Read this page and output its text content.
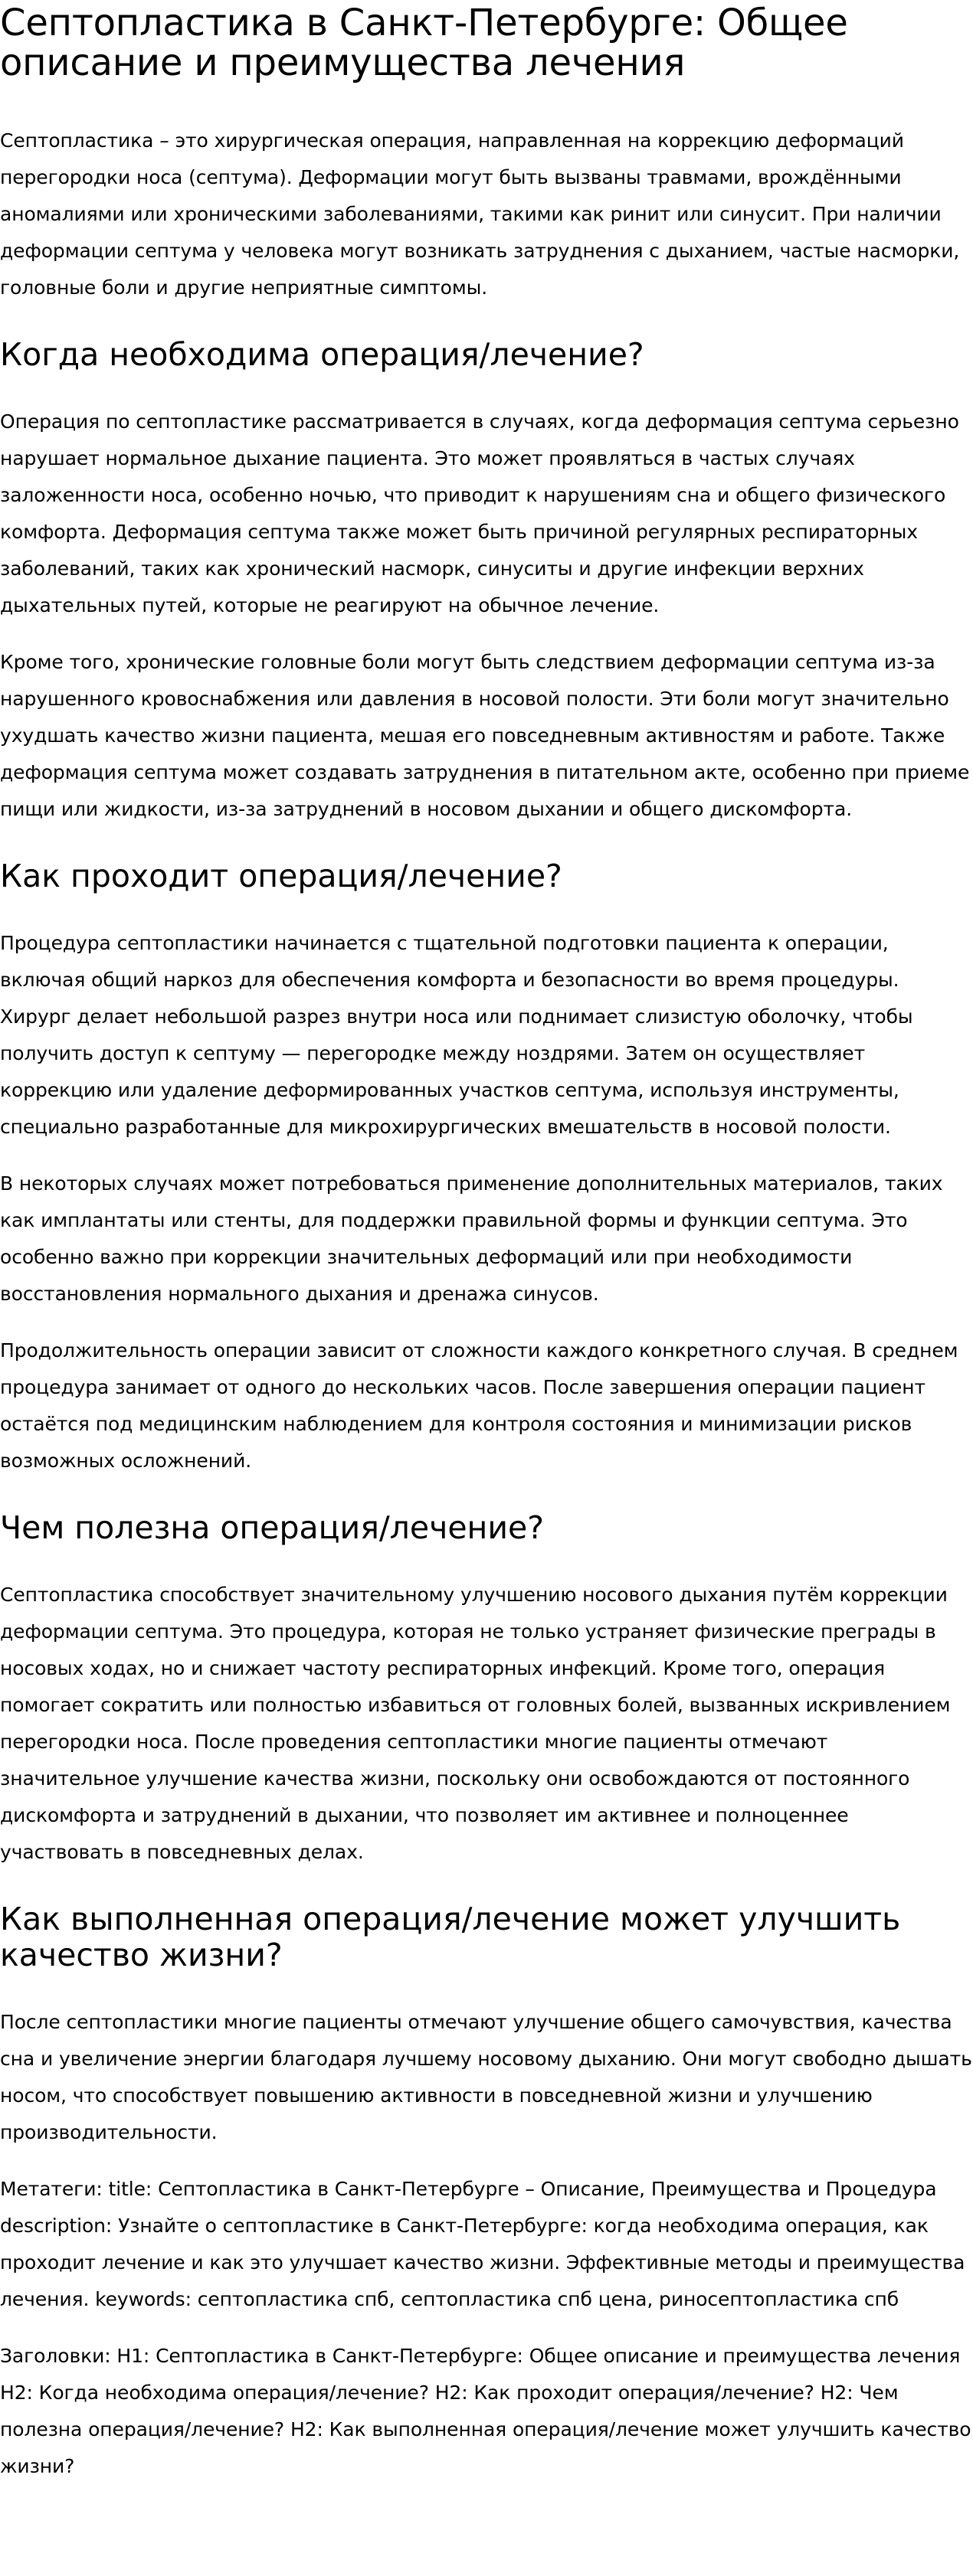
Септопластика в Санкт-Петербурге: Общее описание и преимущества лечения

Септопластика – это хирургическая операция, направленная на коррекцию деформаций перегородки носа (септума). Деформации могут быть вызваны травмами, врождёнными аномалиями или хроническими заболеваниями, такими как ринит или синусит. При наличии деформации септума у человека могут возникать затруднения с дыханием, частые насморки, головные боли и другие неприятные симптомы.

Когда необходима операция/лечение?

Операция по септопластике рассматривается в случаях, когда деформация септума серьезно нарушает нормальное дыхание пациента. Это может проявляться в частых случаях заложенности носа, особенно ночью, что приводит к нарушениям сна и общего физического комфорта. Деформация септума также может быть причиной регулярных респираторных заболеваний, таких как хронический насморк, синуситы и другие инфекции верхних дыхательных путей, которые не реагируют на обычное лечение.

Кроме того, хронические головные боли могут быть следствием деформации септума из-за нарушенного кровоснабжения или давления в носовой полости. Эти боли могут значительно ухудшать качество жизни пациента, мешая его повседневным активностям и работе. Также деформация септума может создавать затруднения в питательном акте, особенно при приеме пищи или жидкости, из-за затруднений в носовом дыхании и общего дискомфорта.

Как проходит операция/лечение?

Процедура септопластики начинается с тщательной подготовки пациента к операции, включая общий наркоз для обеспечения комфорта и безопасности во время процедуры. Хирург делает небольшой разрез внутри носа или поднимает слизистую оболочку, чтобы получить доступ к септуму — перегородке между ноздрями. Затем он осуществляет коррекцию или удаление деформированных участков септума, используя инструменты, специально разработанные для микрохирургических вмешательств в носовой полости.

В некоторых случаях может потребоваться применение дополнительных материалов, таких как имплантаты или стенты, для поддержки правильной формы и функции септума. Это особенно важно при коррекции значительных деформаций или при необходимости восстановления нормального дыхания и дренажа синусов.

Продолжительность операции зависит от сложности каждого конкретного случая. В среднем процедура занимает от одного до нескольких часов. После завершения операции пациент остаётся под медицинским наблюдением для контроля состояния и минимизации рисков возможных осложнений.

Чем полезна операция/лечение?

Септопластика способствует значительному улучшению носового дыхания путём коррекции деформации септума. Это процедура, которая не только устраняет физические преграды в носовых ходах, но и снижает частоту респираторных инфекций. Кроме того, операция помогает сократить или полностью избавиться от головных болей, вызванных искривлением перегородки носа. После проведения септопластики многие пациенты отмечают значительное улучшение качества жизни, поскольку они освобождаются от постоянного дискомфорта и затруднений в дыхании, что позволяет им активнее и полноценнее участвовать в повседневных делах.

Как выполненная операция/лечение может улучшить качество жизни?

После септопластики многие пациенты отмечают улучшение общего самочувствия, качества сна и увеличение энергии благодаря лучшему носовому дыханию. Они могут свободно дышать носом, что способствует повышению активности в повседневной жизни и улучшению производительности.

Метатеги: title: Септопластика в Санкт-Петербурге – Описание, Преимущества и Процедура description: Узнайте о септопластике в Санкт-Петербурге: когда необходима операция, как проходит лечение и как это улучшает качество жизни. Эффективные методы и преимущества лечения. keywords: септопластика спб, септопластика спб цена, риносептопластика спб

Заголовки: H1: Септопластика в Санкт-Петербурге: Общее описание и преимущества лечения H2: Когда необходима операция/лечение? H2: Как проходит операция/лечение? H2: Чем полезна операция/лечение? H2: Как выполненная операция/лечение может улучшить качество жизни?
